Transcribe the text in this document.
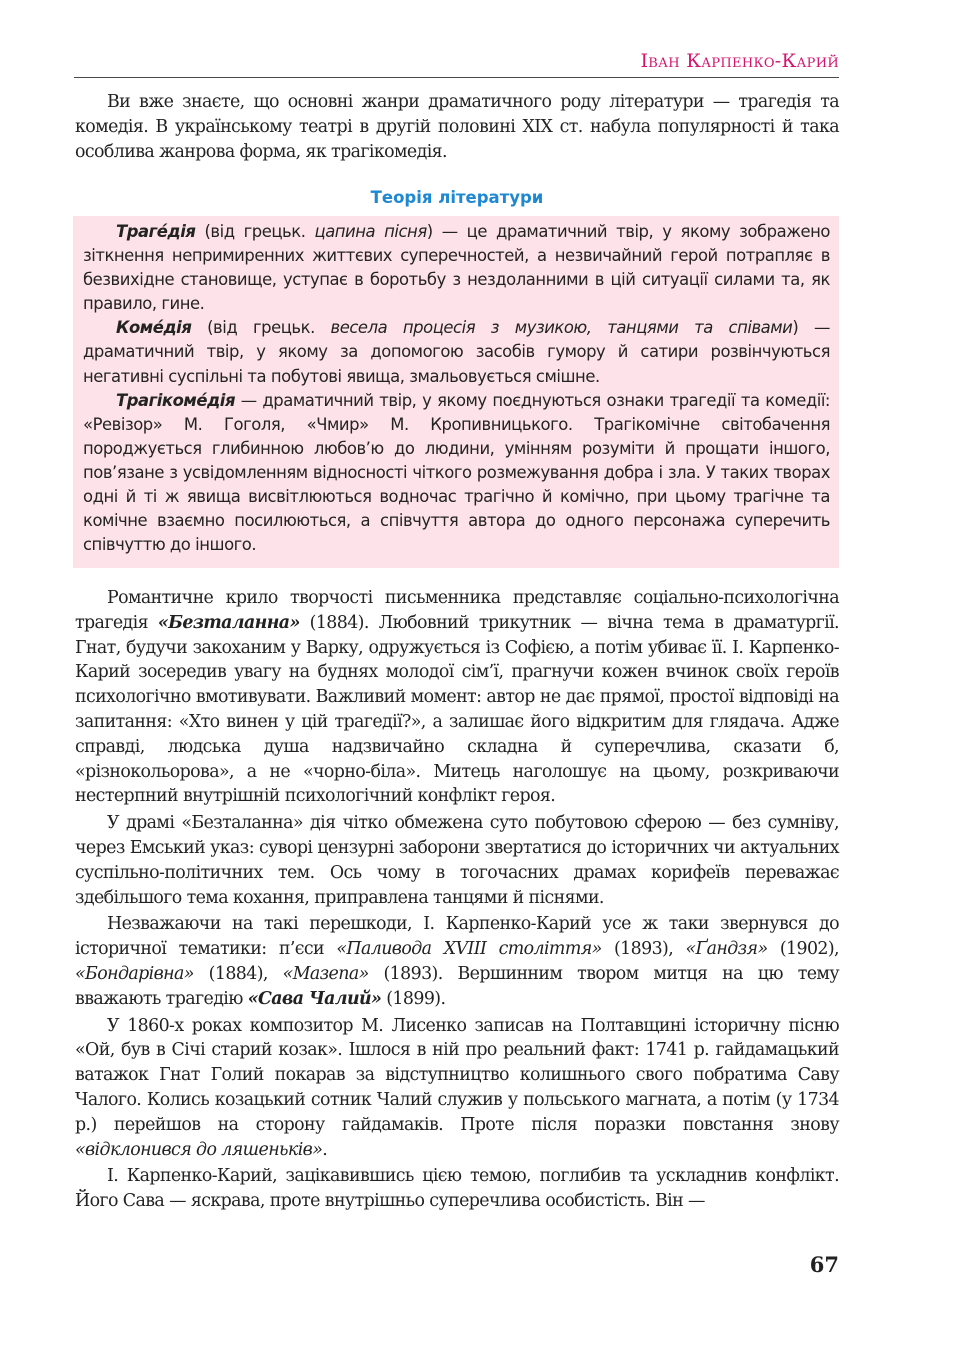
Іван Карпенко-Карий

Ви вже знаєте, що основні жанри драматичного роду літератури — трагедія та комедія. В українському театрі в другій половині XIX ст. набула популярності й така особлива жанрова форма, як трагікомедія.

Теорія літератури

Траге́дія (від грецьк. цапина пісня) — це драматичний твір, у якому зображено зіткнення непримиренних життєвих суперечностей, а незвичайний герой потрапляє в безвихідне становище, уступає в боротьбу з нездоланними в цій ситуації силами та, як правило, гине.

Коме́дія (від грецьк. весела процесія з музикою, танцями та співами) — драматичний твір, у якому за допомогою засобів гумору й сатири розвінчуються негативні суспільні та побутові явища, змальовується смішне.

Трагікоме́дія — драматичний твір, у якому поєднуються ознаки трагедії та комедії: «Ревізор» М. Гоголя, «Чмир» М. Кропивницького. Трагікомічне світобачення породжується глибинною любов’ю до людини, умінням розуміти й прощати іншого, пов’язане з усвідомленням відносності чіткого розмежування добра і зла. У таких творах одні й ті ж явища висвітлюються водночас трагічно й комічно, при цьому трагічне та комічне взаємно посилюються, а співчуття автора до одного персонажа суперечить співчуттю до іншого.

Романтичне крило творчості письменника представляє соціально-психологічна трагедія «Безталанна» (1884). Любовний трикутник — вічна тема в драматургії. Гнат, будучи закоханим у Варку, одружується із Софією, а потім убиває її. І. Карпенко-Карий зосередив увагу на буднях молодої сім’ї, прагнучи кожен вчинок своїх героїв психологічно вмотивувати. Важливий момент: автор не дає прямої, простої відповіді на запитання: «Хто винен у цій трагедії?», а залишає його відкритим для глядача. Адже справді, людська душа надзвичайно складна й суперечлива, сказати б, «різнокольорова», а не «чорно-біла». Митець наголошує на цьому, розкриваючи нестерпний внутрішній психологічний конфлікт героя.

У драмі «Безталанна» дія чітко обмежена суто побутовою сферою — без сумніву, через Емський указ: суворі цензурні заборони звертатися до історичних чи актуальних суспільно-політичних тем. Ось чому в тогочасних драмах корифеїв переважає здебільшого тема кохання, приправлена танцями й піснями.

Незважаючи на такі перешкоди, І. Карпенко-Карий усе ж таки звернувся до історичної тематики: п’єси «Паливода XVIII століття» (1893), «Ґандзя» (1902), «Бондарівна» (1884), «Мазепа» (1893). Вершинним твором митця на цю тему вважають трагедію «Сава Чалий» (1899).

У 1860-х роках композитор М. Лисенко записав на Полтавщині історичну пісню «Ой, був в Січі старий козак». Ішлося в ній про реальний факт: 1741 р. гайдамацький ватажок Гнат Голий покарав за відступництво колишнього свого побратима Саву Чалого. Колись козацький сотник Чалий служив у польського магната, а потім (у 1734 р.) перейшов на сторону гайдамаків. Проте після поразки повстання знову «відклонився до ляшеньків».

І. Карпенко-Карий, зацікавившись цією темою, поглибив та ускладнив конфлікт. Його Сава — яскрава, проте внутрішньо суперечлива особистість. Він —

67
